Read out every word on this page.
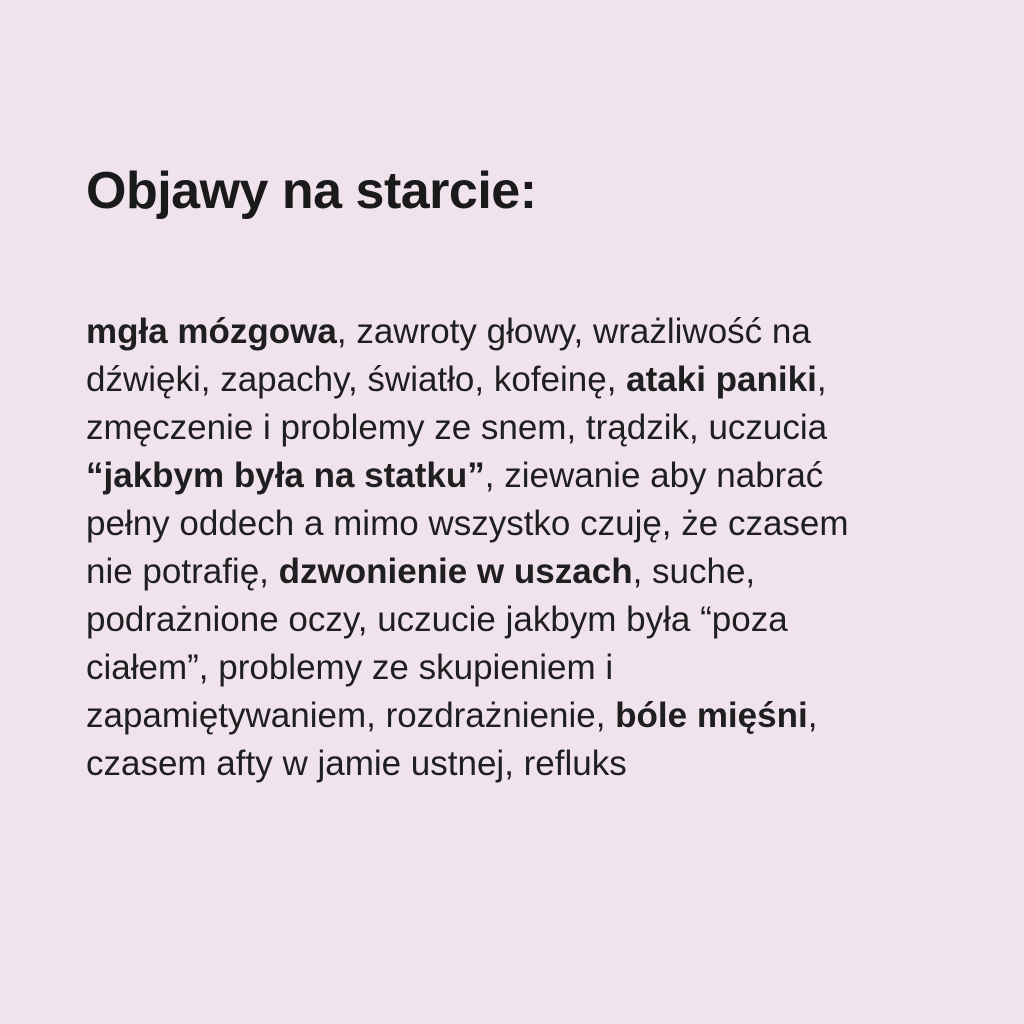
Objawy na starcie:
mgła mózgowa, zawroty głowy, wrażliwość na
dźwięki, zapachy, światło, kofeinę, ataki paniki,
zmęczenie i problemy ze snem, trądzik, uczucia
“jakbym była na statku”, ziewanie aby nabrać
pełny oddech a mimo wszystko czuję, że czasem
nie potrafię, dzwonienie w uszach, suche,
podrażnione oczy, uczucie jakbym była “poza
ciałem”, problemy ze skupieniem i
zapamiętywaniem, rozdrażnienie, bóle mięśni,
czasem afty w jamie ustnej, refluks
